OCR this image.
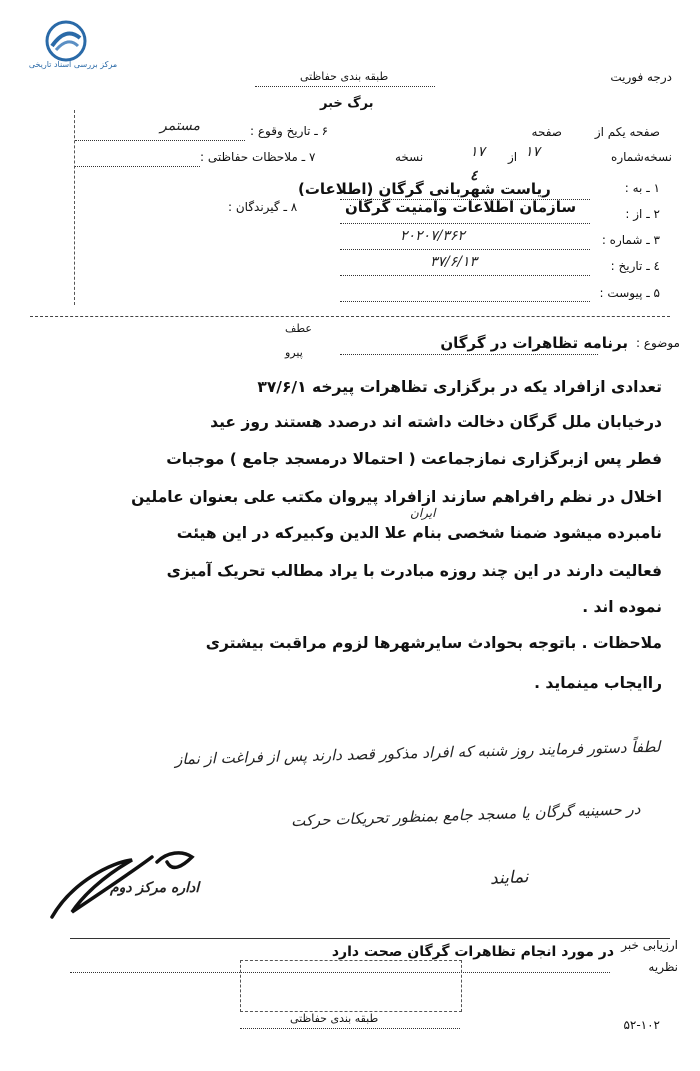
مرکز بررسی اسناد تاریخی
درجه فوریت
طبقه بندی حفاظتی
برگ خبر
۶ ـ تاریخ وقوع :
مستمر
۷ ـ ملاحظات حفاظتی :
۸ ـ گیرندگان :
صفحه یکم از
صفحه
نسخه‌شماره
۱۷
از
۱۷
نسخه
۱ ـ به :
ریاست شهربانی گرگان (اطلاعات)
٤
۲ ـ از :
سازمان اطلاعات وامنیت گرگان
۳ ـ شماره :
۲۰۲۰۷/۳۶۲
٤ ـ تاریخ :
۳۷/۶/۱۳
۵ ـ پیوست :
عطف
پیرو
موضوع :
برنامه تظاهرات در گرگان
تعدادی ازافراد یکه در برگزاری تظاهرات پیرخه ۳۷/۶/۱
درخیابان ملل گرگان دخالت داشته اند درصدد هستند روز عید
فطر پس ازبرگزاری نمازجماعت ( احتمالا درمسجد جامع ) موجبات
اخلال در نظم رافراهم سازند ازافراد پیروان مکتب علی بعنوان عاملین
ایران
نامبرده میشود ضمنا شخصی بنام علا الدین وکبیرکه در این هیئت
فعالیت دارند در این چند روزه مبادرت با یراد مطالب تحریک آمیزی
نموده اند .
ملاحظات . باتوجه بحوادث سایرشهرها لزوم مراقبت بیشتری
راایجاب مینماید .
لطفاً دستور فرمایند روز شنبه که افراد مذکور قصد دارند پس از فراغت از نماز
در حسینیه گرگان یا مسجد جامع بمنظور تحریکات حرکت
نمایند
اداره مرکز دوم
ارزیابی خبر
نظریه
در مورد انجام تظاهرات گرگان صحت دارد
طبقه بندی حفاظتی	۵۲-۱۰۲
